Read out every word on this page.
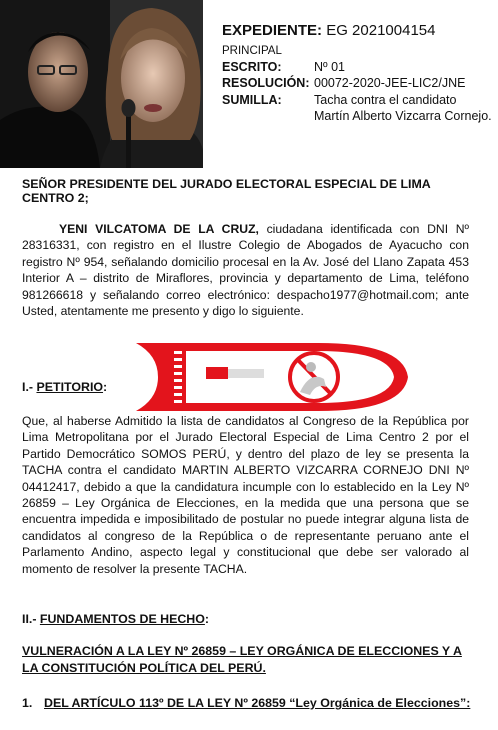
EXPEDIENTE: EG 2021004154
PRINCIPAL
ESCRITO:	Nº 01
RESOLUCIÓN: 00072-2020-JEE-LIC2/JNE
SUMILLA:	Tacha contra el candidato Martín Alberto Vizcarra Cornejo.
SEÑOR PRESIDENTE DEL JURADO ELECTORAL ESPECIAL DE LIMA CENTRO 2;
YENI VILCATOMA DE LA CRUZ, ciudadana identificada con DNI Nº 28316331, con registro en el Ilustre Colegio de Abogados de Ayacucho con registro Nº 954, señalando domicilio procesal en la Av. José del Llano Zapata 453 Interior A – distrito de Miraflores, provincia y departamento de Lima, teléfono 981266618 y señalando correo electrónico: despacho1977@hotmail.com; ante Usted, atentamente me presento y digo lo siguiente.
I.- PETITORIO:
Que, al haberse Admitido la lista de candidatos al Congreso de la República por Lima Metropolitana por el Jurado Electoral Especial de Lima Centro 2 por el Partido Democrático SOMOS PERÚ, y dentro del plazo de ley se presenta la TACHA contra el candidato MARTIN ALBERTO VIZCARRA CORNEJO DNI Nº 04412417, debido a que la candidatura incumple con lo establecido en la Ley Nº 26859 – Ley Orgánica de Elecciones, en la medida que una persona que se encuentra impedida e imposibilitado de postular no puede integrar alguna lista de candidatos al congreso de la República o de representante peruano ante el Parlamento Andino, aspecto legal y constitucional que debe ser valorado al momento de resolver la presente TACHA.
II.- FUNDAMENTOS DE HECHO:
VULNERACIÓN A LA LEY Nº 26859 – LEY ORGÁNICA DE ELECCIONES Y A LA CONSTITUCIÓN POLÍTICA DEL PERÚ.
1. DEL ARTÍCULO 113º DE LA LEY Nº 26859 “Ley Orgánica de Elecciones”:
